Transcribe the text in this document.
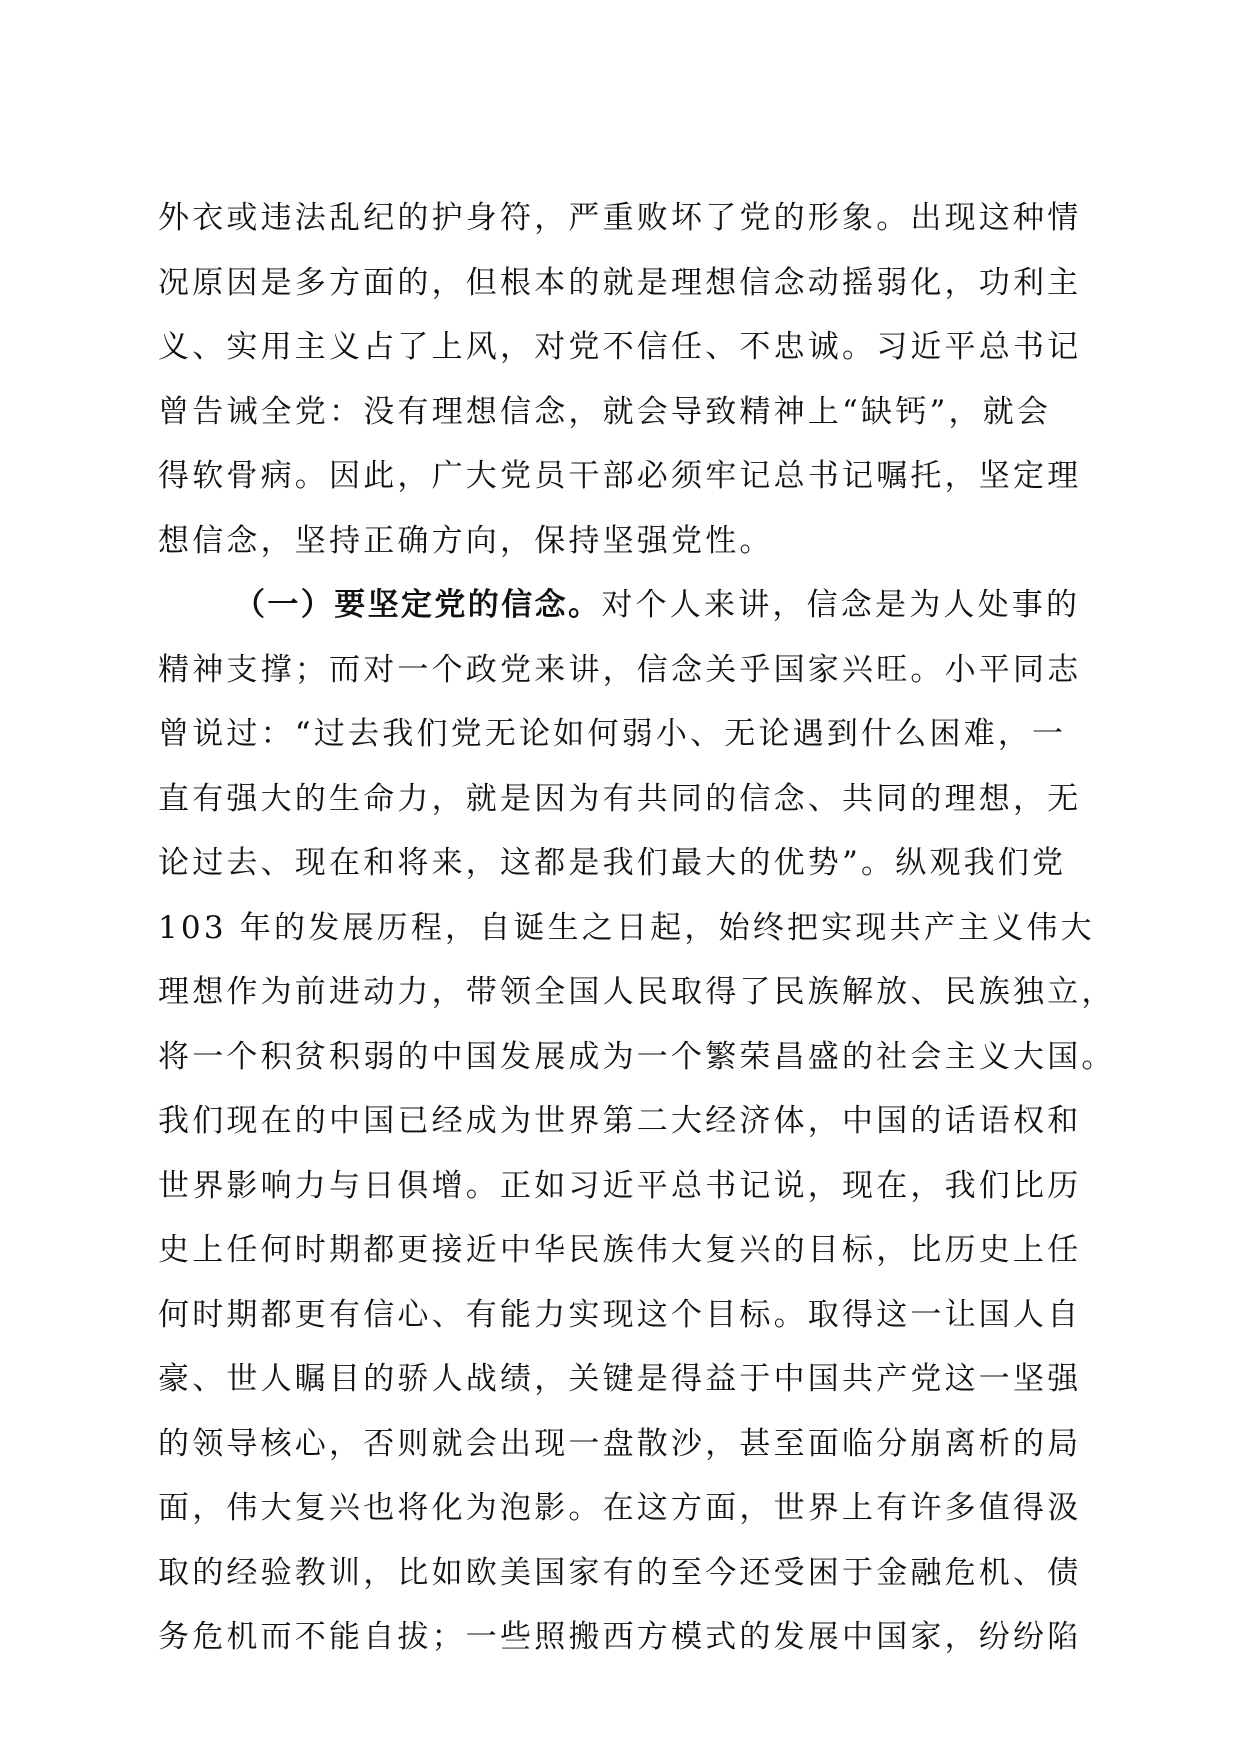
外衣或违法乱纪的护身符，严重败坏了党的形象。出现这种情
况原因是多方面的，但根本的就是理想信念动摇弱化，功利主
义、实用主义占了上风，对党不信任、不忠诚。习近平总书记
曾告诫全党：没有理想信念，就会导致精神上“缺钙”，就会
得软骨病。因此，广大党员干部必须牢记总书记嘱托，坚定理
想信念，坚持正确方向，保持坚强党性。
（一）要坚定党的信念。对个人来讲，信念是为人处事的
精神支撑；而对一个政党来讲，信念关乎国家兴旺。小平同志
曾说过：“过去我们党无论如何弱小、无论遇到什么困难，一
直有强大的生命力，就是因为有共同的信念、共同的理想，无
论过去、现在和将来，这都是我们最大的优势”。纵观我们党
103 年的发展历程，自诞生之日起，始终把实现共产主义伟大
理想作为前进动力，带领全国人民取得了民族解放、民族独立，
将一个积贫积弱的中国发展成为一个繁荣昌盛的社会主义大国。
我们现在的中国已经成为世界第二大经济体，中国的话语权和
世界影响力与日俱增。正如习近平总书记说，现在，我们比历
史上任何时期都更接近中华民族伟大复兴的目标，比历史上任
何时期都更有信心、有能力实现这个目标。取得这一让国人自
豪、世人瞩目的骄人战绩，关键是得益于中国共产党这一坚强
的领导核心，否则就会出现一盘散沙，甚至面临分崩离析的局
面，伟大复兴也将化为泡影。在这方面，世界上有许多值得汲
取的经验教训，比如欧美国家有的至今还受困于金融危机、债
务危机而不能自拔；一些照搬西方模式的发展中国家，纷纷陷
